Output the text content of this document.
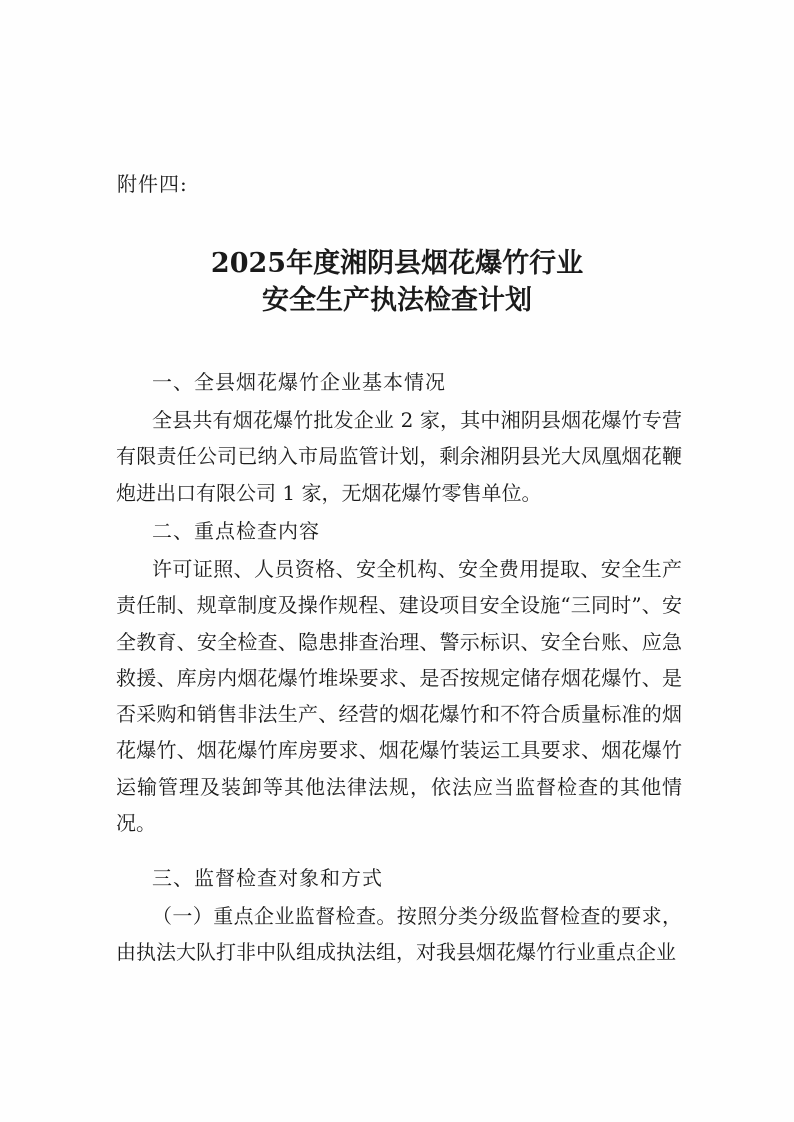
附件四:
2025年度湘阴县烟花爆竹行业
安全生产执法检查计划
一、全县烟花爆竹企业基本情况
全县共有烟花爆竹批发企业 2 家，其中湘阴县烟花爆竹专营有限责任公司已纳入市局监管计划，剩余湘阴县光大凤凰烟花鞭炮进出口有限公司 1 家，无烟花爆竹零售单位。
二、重点检查内容
许可证照、人员资格、安全机构、安全费用提取、安全生产责任制、规章制度及操作规程、建设项目安全设施“三同时”、安全教育、安全检查、隐患排查治理、警示标识、安全台账、应急救援、库房内烟花爆竹堆垛要求、是否按规定储存烟花爆竹、是否采购和销售非法生产、经营的烟花爆竹和不符合质量标准的烟花爆竹、烟花爆竹库房要求、烟花爆竹装运工具要求、烟花爆竹运输管理及装卸等其他法律法规，依法应当监督检查的其他情况。
三、监督检查对象和方式
（一）重点企业监督检查。按照分类分级监督检查的要求，由执法大队打非中队组成执法组，对我县烟花爆竹行业重点企业
